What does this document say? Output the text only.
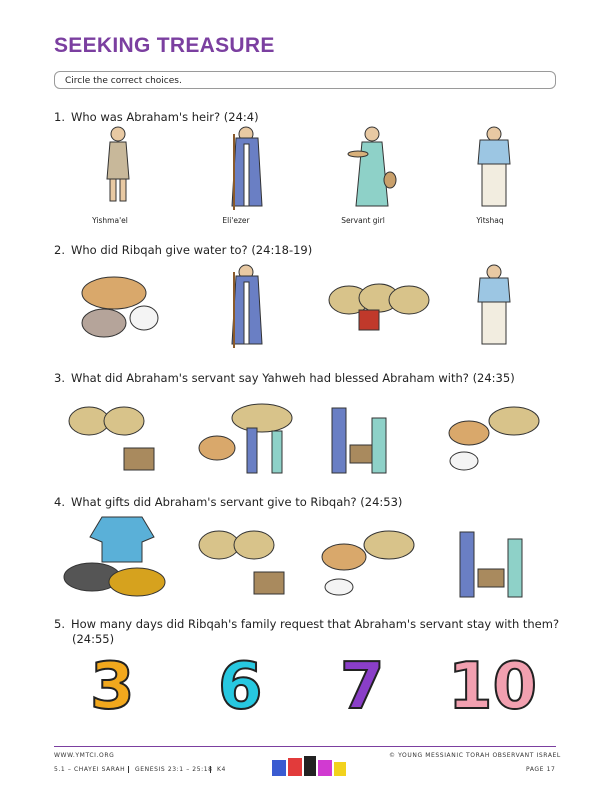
SEEKING TREASURE
Circle the correct choices.
1. Who was Abraham's heir? (24:4)
Yishma'el	Eli'ezer	Servant girl	Yitshaq
2. Who did Ribqah give water to? (24:18-19)
3. What did Abraham's servant say Yahweh had blessed Abraham with? (24:35)
4. What gifts did Abraham's servant give to Ribqah? (24:53)
5. How many days did Ribqah's family request that Abraham's servant stay with them?
(24:55)
3 6 7 10
WWW.YMTCI.ORG	© YOUNG MESSIANIC TORAH OBSERVANT ISRAEL
5.1 – CHAYEI SARAH	GENESIS 23:1 – 25:18 K4	PAGE 17
